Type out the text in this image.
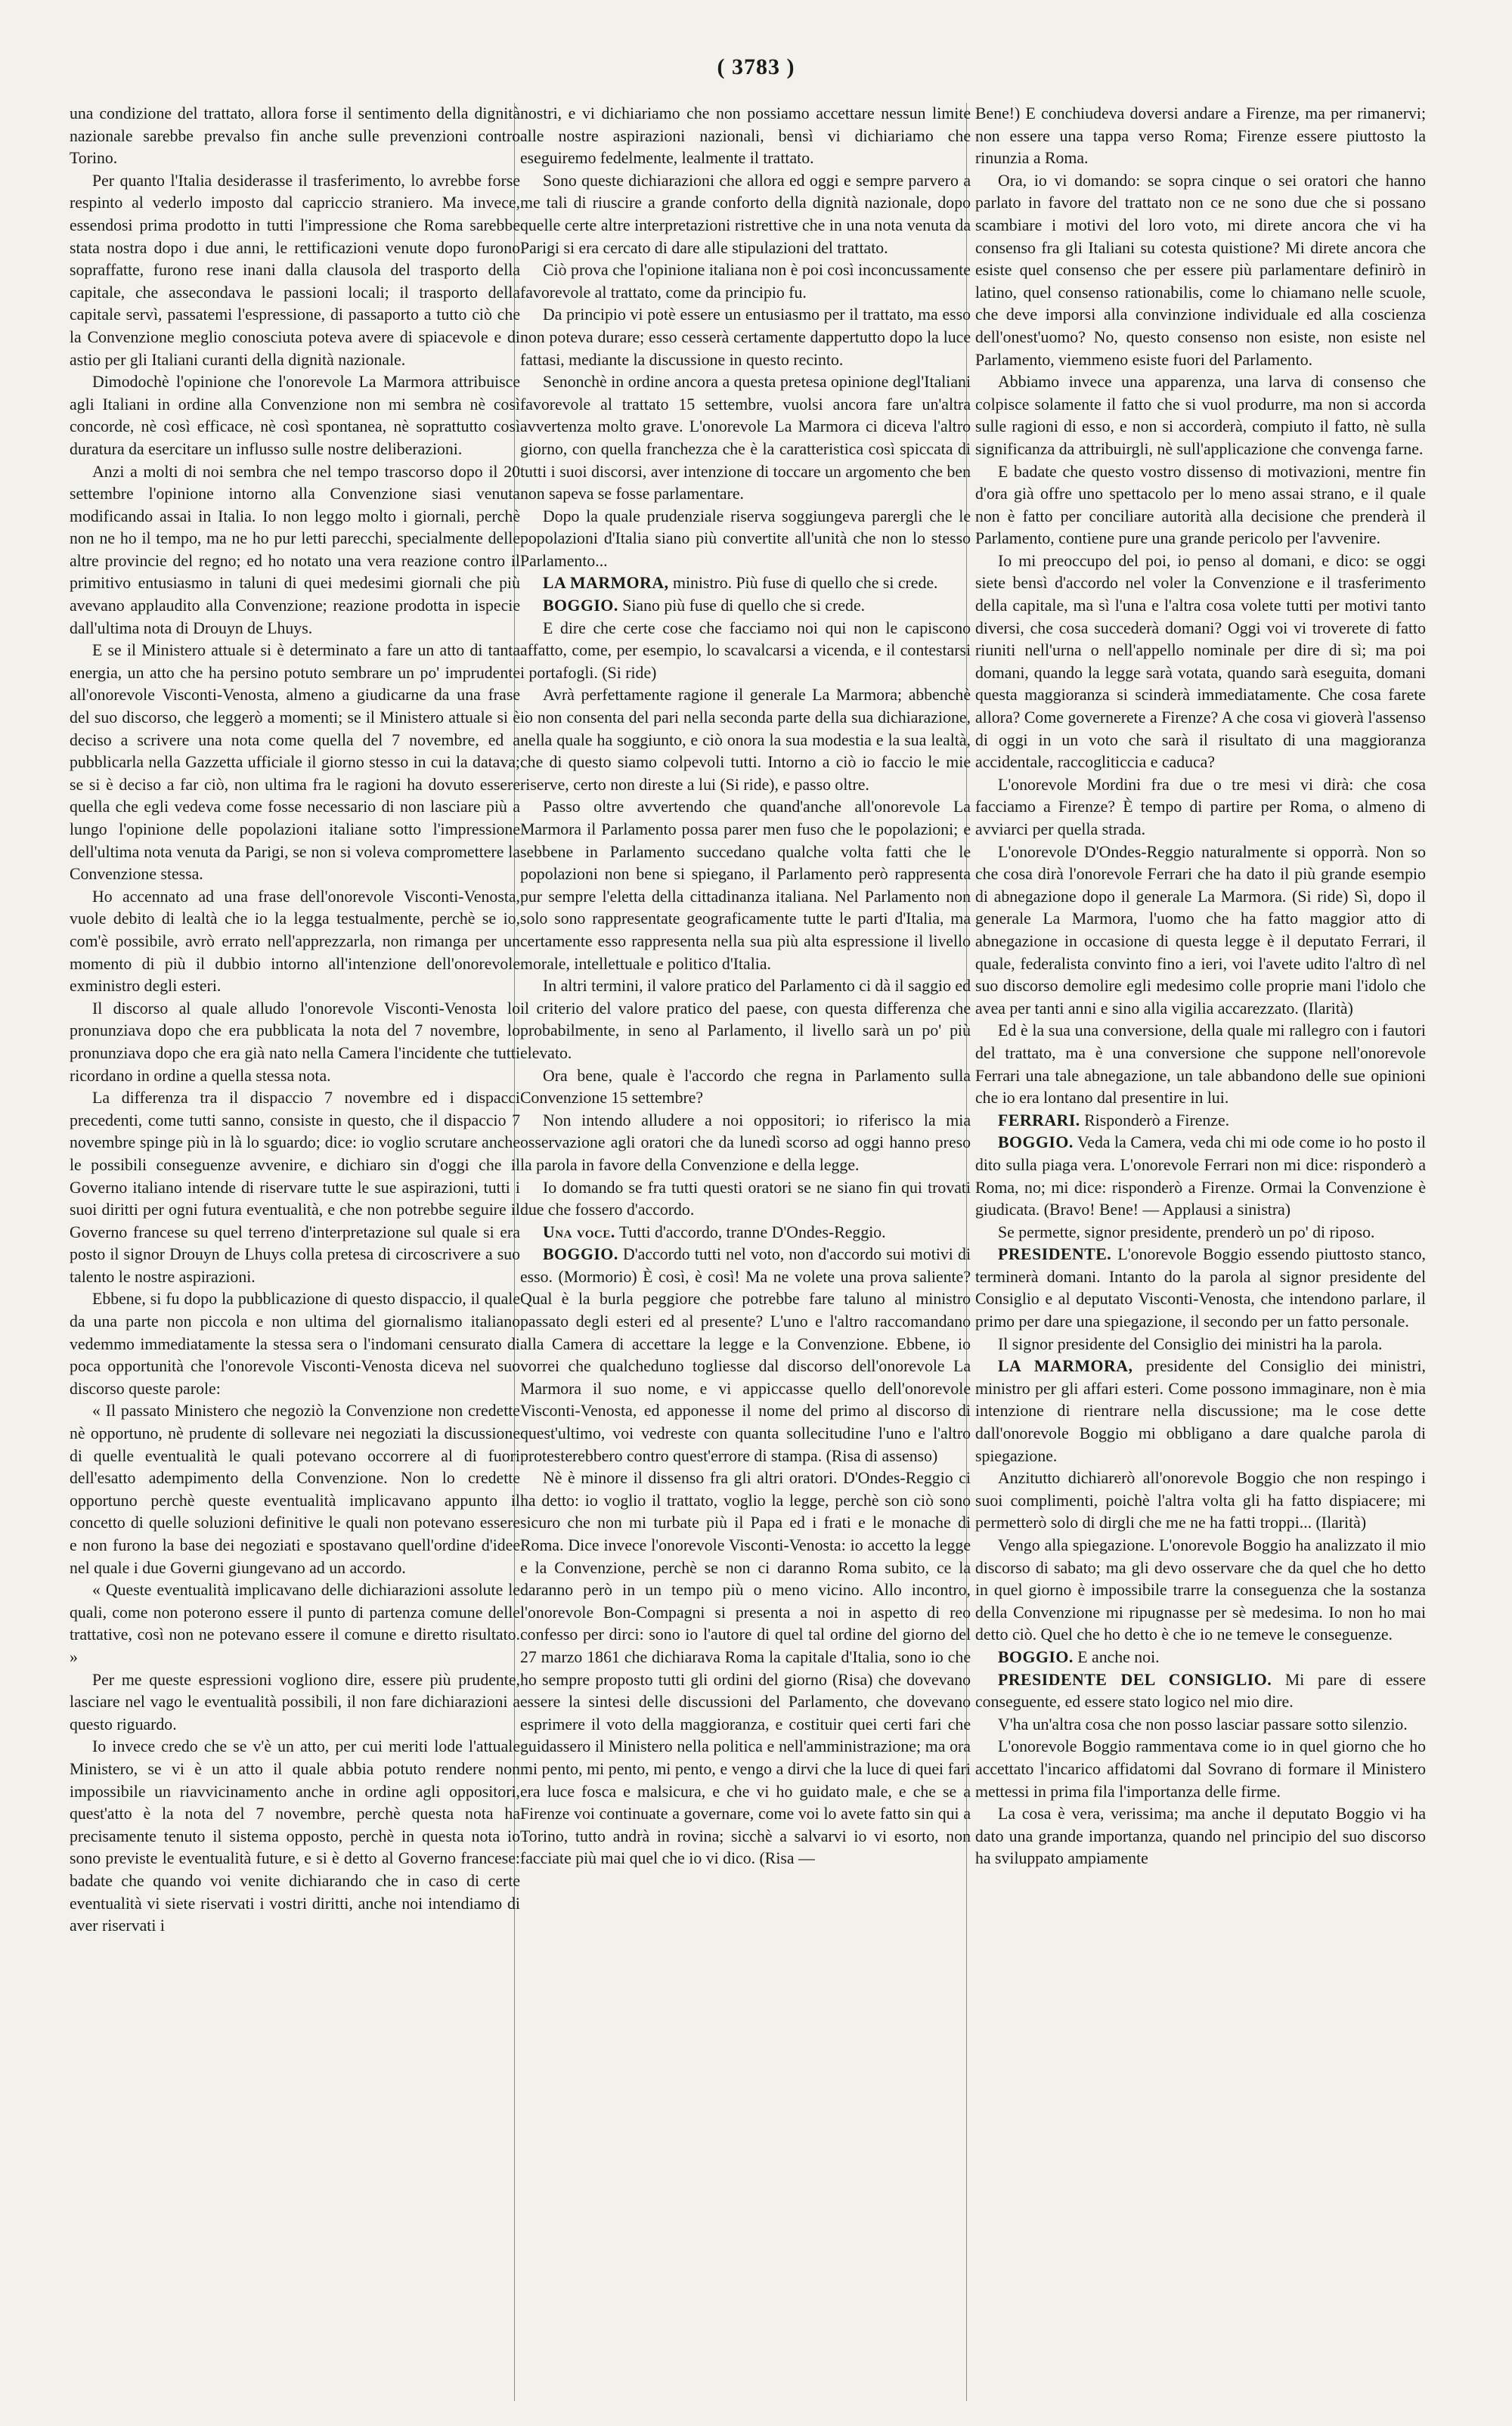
( 3783 )

una condizione del trattato, allora forse il sentimento della dignità nazionale sarebbe prevalso fin anche sulle prevenzioni contro Torino.

Per quanto l'Italia desiderasse il trasferimento, lo avrebbe forse respinto al vederlo imposto dal capriccio straniero. Ma invece, essendosi prima prodotto in tutti l'impressione che Roma sarebbe stata nostra dopo i due anni, le rettificazioni venute dopo furono sopraffatte, furono rese inani dalla clausola del trasporto della capitale, che assecondava le passioni locali; il trasporto della capitale servì, passatemi l'espressione, di passaporto a tutto ciò che la Convenzione meglio conosciuta poteva avere di spiacevole e di astio per gli Italiani curanti della dignità nazionale.

Dimodochè l'opinione che l'onorevole La Marmora attribuisce agli Italiani in ordine alla Convenzione non mi sembra nè così concorde, nè così efficace, nè così spontanea, nè soprattutto così duratura da esercitare un influsso sulle nostre deliberazioni.

Anzi a molti di noi sembra che nel tempo trascorso dopo il 20 settembre l'opinione intorno alla Convenzione siasi venuta modificando assai in Italia. Io non leggo molto i giornali, perchè non ne ho il tempo, ma ne ho pur letti parecchi, specialmente delle altre provincie del regno; ed ho notato una vera reazione contro il primitivo entusiasmo in taluni di quei medesimi giornali che più avevano applaudito alla Convenzione; reazione prodotta in ispecie dall'ultima nota di Drouyn de Lhuys.

E se il Ministero attuale si è determinato a fare un atto di tanta energia, un atto che ha persino potuto sembrare un po' imprudente all'onorevole Visconti-Venosta, almeno a giudicarne da una frase del suo discorso, che leggerò a momenti; se il Ministero attuale si è deciso a scrivere una nota come quella del 7 novembre, ed a pubblicarla nella Gazzetta ufficiale il giorno stesso in cui la datava; se si è deciso a far ciò, non ultima fra le ragioni ha dovuto essere quella che egli vedeva come fosse necessario di non lasciare più a lungo l'opinione delle popolazioni italiane sotto l'impressione dell'ultima nota venuta da Parigi, se non si voleva compromettere la Convenzione stessa.

Ho accennato ad una frase dell'onorevole Visconti-Venosta, vuole debito di lealtà che io la legga testualmente, perchè se io, com'è possibile, avrò errato nell'apprezzarla, non rimanga per un momento di più il dubbio intorno all'intenzione dell'onorevole exministro degli esteri.

Il discorso al quale alludo l'onorevole Visconti-Venosta lo pronunziava dopo che era pubblicata la nota del 7 novembre, lo pronunziava dopo che era già nato nella Camera l'incidente che tutti ricordano in ordine a quella stessa nota.

La differenza tra il dispaccio 7 novembre ed i dispacci precedenti, come tutti sanno, consiste in questo, che il dispaccio 7 novembre spinge più in là lo sguardo; dice: io voglio scrutare anche le possibili conseguenze avvenire, e dichiaro sin d'oggi che il Governo italiano intende di riservare tutte le sue aspirazioni, tutti i suoi diritti per ogni futura eventualità, e che non potrebbe seguire il Governo francese su quel terreno d'interpretazione sul quale si era posto il signor Drouyn de Lhuys colla pretesa di circoscrivere a suo talento le nostre aspirazioni.

Ebbene, si fu dopo la pubblicazione di questo dispaccio, il quale da una parte non piccola e non ultima del giornalismo italiano vedemmo immediatamente la stessa sera o l'indomani censurato di poca opportunità che l'onorevole Visconti-Venosta diceva nel suo discorso queste parole:

« Il passato Ministero che negoziò la Convenzione non credette nè opportuno, nè prudente di sollevare nei negoziati la discussione di quelle eventualità le quali potevano occorrere al di fuori dell'esatto adempimento della Convenzione. Non lo credette opportuno perchè queste eventualità implicavano appunto il concetto di quelle soluzioni definitive le quali non potevano essere e non furono la base dei negoziati e spostavano quell'ordine d'idee nel quale i due Governi giungevano ad un accordo.

« Queste eventualità implicavano delle dichiarazioni assolute le quali, come non poterono essere il punto di partenza comune delle trattative, così non ne potevano essere il comune e diretto risultato. »

Per me queste espressioni vogliono dire, essere più prudente, lasciare nel vago le eventualità possibili, il non fare dichiarazioni a questo riguardo.

Io invece credo che se v'è un atto, per cui meriti lode l'attuale Ministero, se vi è un atto il quale abbia potuto rendere non impossibile un riavvicinamento anche in ordine agli oppositori, quest'atto è la nota del 7 novembre, perchè questa nota ha precisamente tenuto il sistema opposto, perchè in questa nota io sono previste le eventualità future, e si è detto al Governo francese: badate che quando voi venite dichiarando che in caso di certe eventualità vi siete riservati i vostri diritti, anche noi intendiamo di aver riservati i

nostri, e vi dichiariamo che non possiamo accettare nessun limite alle nostre aspirazioni nazionali, bensì vi dichiariamo che eseguiremo fedelmente, lealmente il trattato.

Sono queste dichiarazioni che allora ed oggi e sempre parvero a me tali di riuscire a grande conforto della dignità nazionale, dopo quelle certe altre interpretazioni ristrettive che in una nota venuta da Parigi si era cercato di dare alle stipulazioni del trattato.

Ciò prova che l'opinione italiana non è poi così inconcussamente favorevole al trattato, come da principio fu.

Da principio vi potè essere un entusiasmo per il trattato, ma esso non poteva durare; esso cesserà certamente dappertutto dopo la luce fattasi, mediante la discussione in questo recinto.

Senonchè in ordine ancora a questa pretesa opinione degl'Italiani favorevole al trattato 15 settembre, vuolsi ancora fare un'altra avvertenza molto grave. L'onorevole La Marmora ci diceva l'altro giorno, con quella franchezza che è la caratteristica così spiccata di tutti i suoi discorsi, aver intenzione di toccare un argomento che ben non sapeva se fosse parlamentare.

Dopo la quale prudenziale riserva soggiungeva parergli che le popolazioni d'Italia siano più convertite all'unità che non lo stesso Parlamento...

LA MARMORA, ministro. Più fuse di quello che si crede.

BOGGIO. Siano più fuse di quello che si crede.

E dire che certe cose che facciamo noi qui non le capiscono affatto, come, per esempio, lo scavalcarsi a vicenda, e il contestarsi i portafogli. (Si ride)

Avrà perfettamente ragione il generale La Marmora; abbenchè io non consenta del pari nella seconda parte della sua dichiarazione, nella quale ha soggiunto, e ciò onora la sua modestia e la sua lealtà, che di questo siamo colpevoli tutti. Intorno a ciò io faccio le mie riserve, certo non direste a lui (Si ride), e passo oltre.

Passo oltre avvertendo che quand'anche all'onorevole La Marmora il Parlamento possa parer men fuso che le popolazioni; e sebbene in Parlamento succedano qualche volta fatti che le popolazioni non bene si spiegano, il Parlamento però rappresenta pur sempre l'eletta della cittadinanza italiana. Nel Parlamento non solo sono rappresentate geograficamente tutte le parti d'Italia, ma certamente esso rappresenta nella sua più alta espressione il livello morale, intellettuale e politico d'Italia.

In altri termini, il valore pratico del Parlamento ci dà il saggio ed il criterio del valore pratico del paese, con questa differenza che probabilmente, in seno al Parlamento, il livello sarà un po' più elevato.

Ora bene, quale è l'accordo che regna in Parlamento sulla Convenzione 15 settembre?

Non intendo alludere a noi oppositori; io riferisco la mia osservazione agli oratori che da lunedì scorso ad oggi hanno preso la parola in favore della Convenzione e della legge.

Io domando se fra tutti questi oratori se ne siano fin qui trovati due che fossero d'accordo.

Una voce. Tutti d'accordo, tranne D'Ondes-Reggio.

BOGGIO. D'accordo tutti nel voto, non d'accordo sui motivi di esso. (Mormorio) È così, è così! Ma ne volete una prova saliente? Qual è la burla peggiore che potrebbe fare taluno al ministro passato degli esteri ed al presente? L'uno e l'altro raccomandano alla Camera di accettare la legge e la Convenzione. Ebbene, io vorrei che qualcheduno togliesse dal discorso dell'onorevole La Marmora il suo nome, e vi appiccasse quello dell'onorevole Visconti-Venosta, ed apponesse il nome del primo al discorso di quest'ultimo, voi vedreste con quanta sollecitudine l'uno e l'altro protesterebbero contro quest'errore di stampa. (Risa di assenso)

Nè è minore il dissenso fra gli altri oratori. D'Ondes-Reggio ci ha detto: io voglio il trattato, voglio la legge, perchè son ciò sono sicuro che non mi turbate più il Papa ed i frati e le monache di Roma. Dice invece l'onorevole Visconti-Venosta: io accetto la legge e la Convenzione, perchè se non ci daranno Roma subito, ce la daranno però in un tempo più o meno vicino. Allo incontro, l'onorevole Bon-Compagni si presenta a noi in aspetto di reo confesso per dirci: sono io l'autore di quel tal ordine del giorno del 27 marzo 1861 che dichiarava Roma la capitale d'Italia, sono io che ho sempre proposto tutti gli ordini del giorno (Risa) che dovevano essere la sintesi delle discussioni del Parlamento, che dovevano esprimere il voto della maggioranza, e costituir quei certi fari che guidassero il Ministero nella politica e nell'amministrazione; ma ora mi pento, mi pento, mi pento, e vengo a dirvi che la luce di quei fari era luce fosca e malsicura, e che vi ho guidato male, e che se a Firenze voi continuate a governare, come voi lo avete fatto sin qui a Torino, tutto andrà in rovina; sicchè a salvarvi io vi esorto, non facciate più mai quel che io vi dico. (Risa —

Bene!) E conchiudeva doversi andare a Firenze, ma per rimanervi; non essere una tappa verso Roma; Firenze essere piuttosto la rinunzia a Roma.

Ora, io vi domando: se sopra cinque o sei oratori che hanno parlato in favore del trattato non ce ne sono due che si possano scambiare i motivi del loro voto, mi direte ancora che vi ha consenso fra gli Italiani su cotesta quistione? Mi direte ancora che esiste quel consenso che per essere più parlamentare definirò in latino, quel consenso rationabilis, come lo chiamano nelle scuole, che deve imporsi alla convinzione individuale ed alla coscienza dell'onest'uomo? No, questo consenso non esiste, non esiste nel Parlamento, viemmeno esiste fuori del Parlamento.

Abbiamo invece una apparenza, una larva di consenso che colpisce solamente il fatto che si vuol produrre, ma non si accorda sulle ragioni di esso, e non si accorderà, compiuto il fatto, nè sulla significanza da attribuirgli, nè sull'applicazione che convenga farne.

E badate che questo vostro dissenso di motivazioni, mentre fin d'ora già offre uno spettacolo per lo meno assai strano, e il quale non è fatto per conciliare autorità alla decisione che prenderà il Parlamento, contiene pure una grande pericolo per l'avvenire.

Io mi preoccupo del poi, io penso al domani, e dico: se oggi siete bensì d'accordo nel voler la Convenzione e il trasferimento della capitale, ma sì l'una e l'altra cosa volete tutti per motivi tanto diversi, che cosa succederà domani? Oggi voi vi troverete di fatto riuniti nell'urna o nell'appello nominale per dire di sì; ma poi domani, quando la legge sarà votata, quando sarà eseguita, domani questa maggioranza si scinderà immediatamente. Che cosa farete allora? Come governerete a Firenze? A che cosa vi gioverà l'assenso di oggi in un voto che sarà il risultato di una maggioranza accidentale, raccogliticcia e caduca?

L'onorevole Mordini fra due o tre mesi vi dirà: che cosa facciamo a Firenze? È tempo di partire per Roma, o almeno di avviarci per quella strada.

L'onorevole D'Ondes-Reggio naturalmente si opporrà. Non so che cosa dirà l'onorevole Ferrari che ha dato il più grande esempio di abnegazione dopo il generale La Marmora. (Si ride) Sì, dopo il generale La Marmora, l'uomo che ha fatto maggior atto di abnegazione in occasione di questa legge è il deputato Ferrari, il quale, federalista convinto fino a ieri, voi l'avete udito l'altro dì nel suo discorso demolire egli medesimo colle proprie mani l'idolo che avea per tanti anni e sino alla vigilia accarezzato. (Ilarità)

Ed è la sua una conversione, della quale mi rallegro con i fautori del trattato, ma è una conversione che suppone nell'onorevole Ferrari una tale abnegazione, un tale abbandono delle sue opinioni che io era lontano dal presentire in lui.

FERRARI. Risponderò a Firenze.

BOGGIO. Veda la Camera, veda chi mi ode come io ho posto il dito sulla piaga vera. L'onorevole Ferrari non mi dice: risponderò a Roma, no; mi dice: risponderò a Firenze. Ormai la Convenzione è giudicata. (Bravo! Bene! — Applausi a sinistra)

Se permette, signor presidente, prenderò un po' di riposo.

PRESIDENTE. L'onorevole Boggio essendo piuttosto stanco, terminerà domani. Intanto do la parola al signor presidente del Consiglio e al deputato Visconti-Venosta, che intendono parlare, il primo per dare una spiegazione, il secondo per un fatto personale.

Il signor presidente del Consiglio dei ministri ha la parola.

LA MARMORA, presidente del Consiglio dei ministri, ministro per gli affari esteri. Come possono immaginare, non è mia intenzione di rientrare nella discussione; ma le cose dette dall'onorevole Boggio mi obbligano a dare qualche parola di spiegazione.

Anzitutto dichiarerò all'onorevole Boggio che non respingo i suoi complimenti, poichè l'altra volta gli ha fatto dispiacere; mi permetterò solo di dirgli che me ne ha fatti troppi... (Ilarità)

Vengo alla spiegazione. L'onorevole Boggio ha analizzato il mio discorso di sabato; ma gli devo osservare che da quel che ho detto in quel giorno è impossibile trarre la conseguenza che la sostanza della Convenzione mi ripugnasse per sè medesima. Io non ho mai detto ciò. Quel che ho detto è che io ne temeve le conseguenze.

BOGGIO. E anche noi.

PRESIDENTE DEL CONSIGLIO. Mi pare di essere conseguente, ed essere stato logico nel mio dire.

V'ha un'altra cosa che non posso lasciar passare sotto silenzio.

L'onorevole Boggio rammentava come io in quel giorno che ho accettato l'incarico affidatomi dal Sovrano di formare il Ministero mettessi in prima fila l'importanza delle firme.

La cosa è vera, verissima; ma anche il deputato Boggio vi ha dato una grande importanza, quando nel principio del suo discorso ha sviluppato ampiamente
